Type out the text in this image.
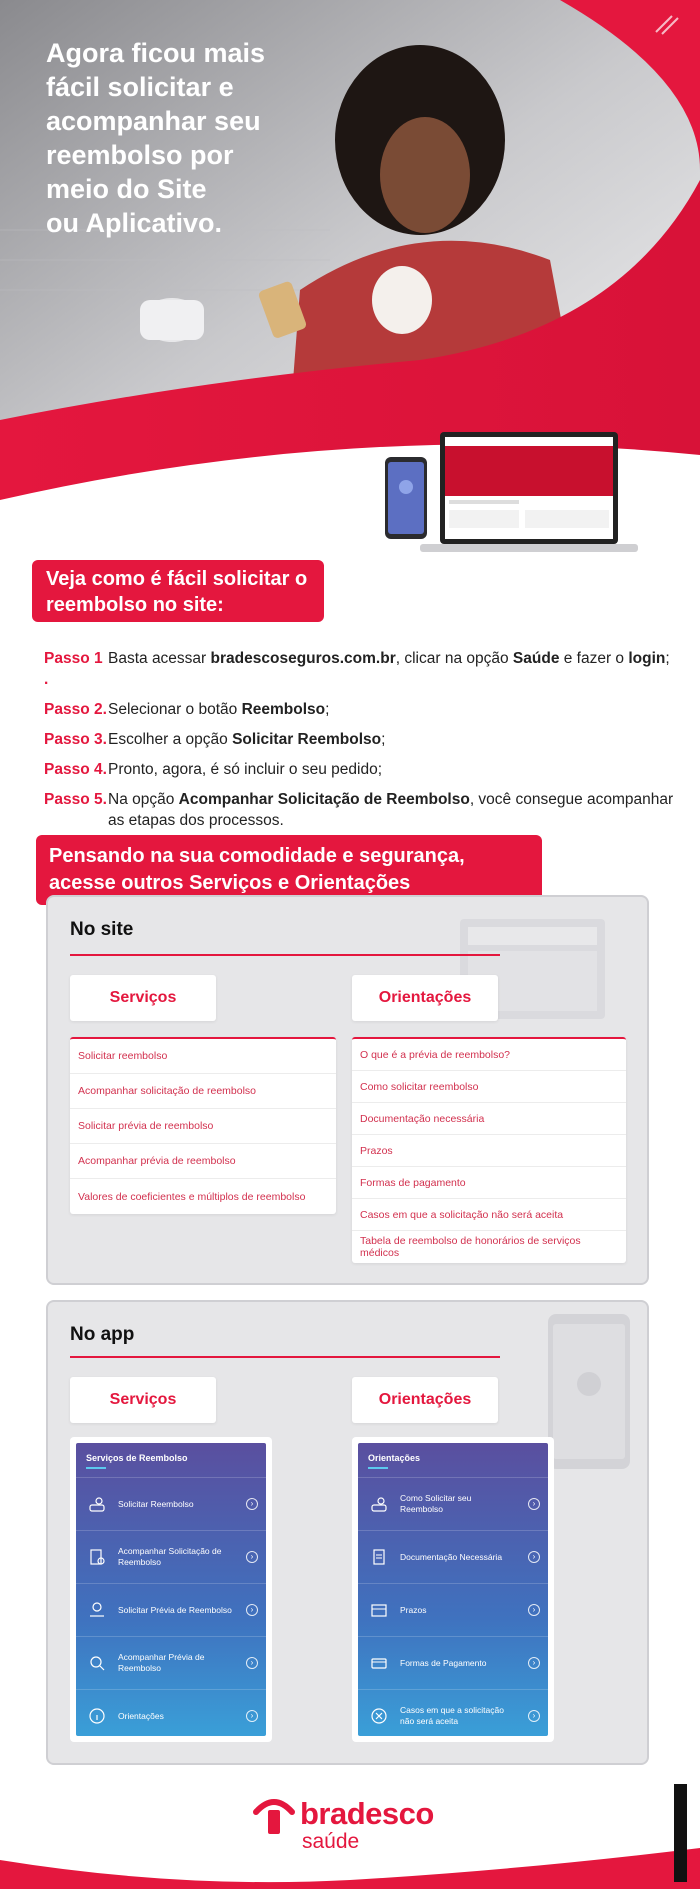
Agora ficou mais
fácil solicitar e
acompanhar seu
reembolso por
meio do Site
ou Aplicativo.
Veja como é fácil solicitar o reembolso no site:
Passo 1 .
Basta acessar bradescoseguros.com.br, clicar na opção Saúde e fazer o login;
Passo 2. Selecionar o botão Reembolso;
Passo 3. Escolher a opção Solicitar Reembolso;
Passo 4. Pronto, agora, é só incluir o seu pedido;
Passo 5. Na opção Acompanhar Solicitação de Reembolso, você consegue acompanhar as etapas dos processos.
Pensando na sua comodidade e segurança, acesse outros Serviços e Orientações
No site
Serviços	Orientações
Solicitar reembolso
Acompanhar solicitação de reembolso
Solicitar prévia de reembolso
Acompanhar prévia de reembolso
Valores de coeficientes e múltiplos de reembolso
O que é a prévia de reembolso?
Como solicitar reembolso
Documentação necessária
Prazos
Formas de pagamento
Casos em que a solicitação não será aceita
Tabela de reembolso de honorários de serviços médicos
No app
Serviços	Orientações
Serviços de Reembolso
Solicitar Reembolso	›
Acompanhar Solicitação de Reembolso
›
Solicitar Prévia de Reembolso	›
Acompanhar Prévia de Reembolso
›
Orientações	›
Orientações
Como Solicitar seu Reembolso
›
Documentação Necessária	›
Prazos	›
Formas de Pagamento	›
Casos em que a solicitação não será aceita
›
bradesco
saúde
